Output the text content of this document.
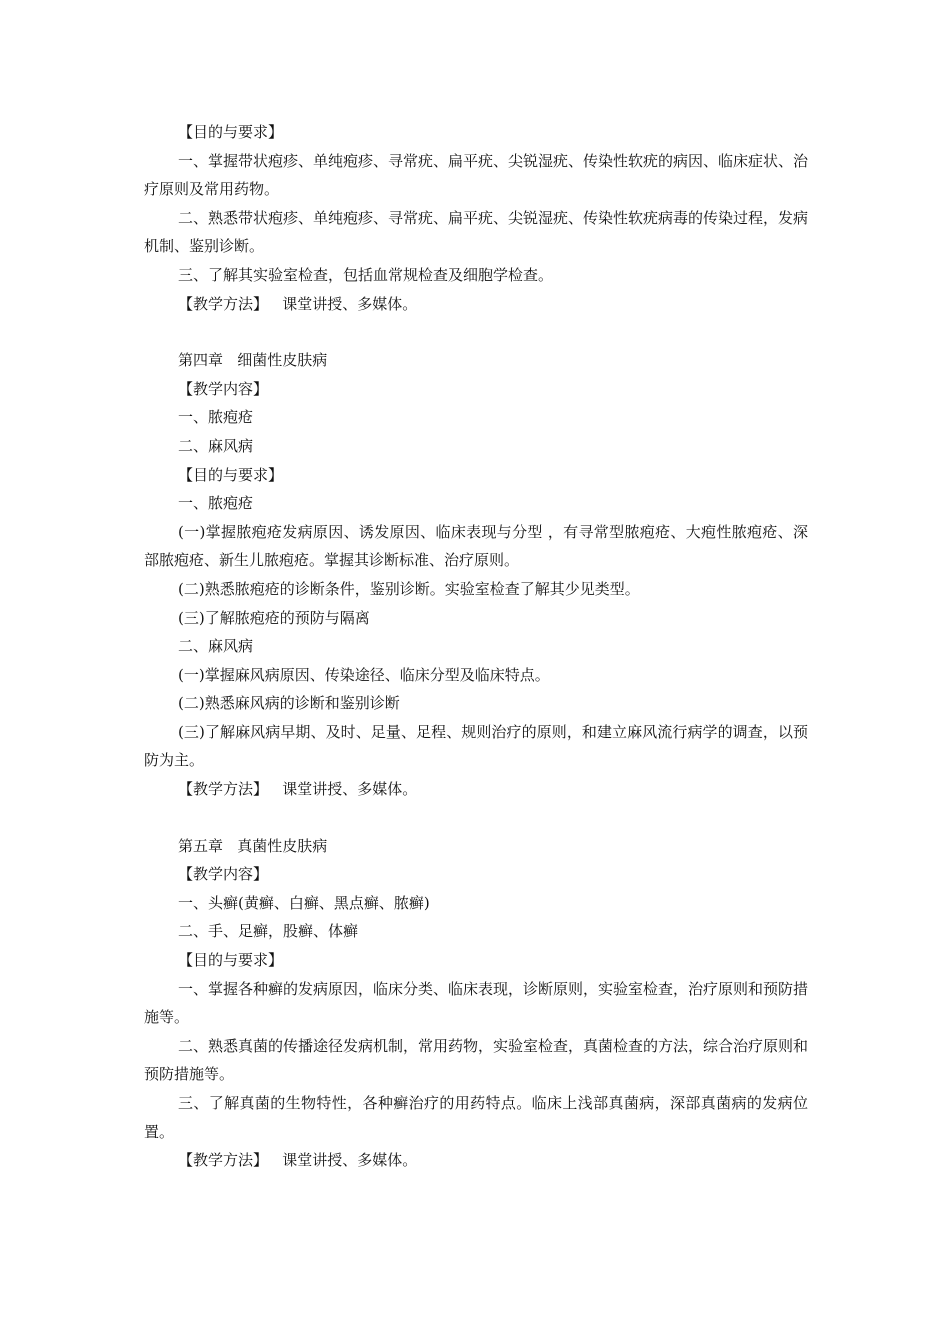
【目的与要求】

一、掌握带状疱疹、单纯疱疹、寻常疣、扁平疣、尖锐湿疣、传染性软疣的病因、临床症状、治疗原则及常用药物。

二、熟悉带状疱疹、单纯疱疹、寻常疣、扁平疣、尖锐湿疣、传染性软疣病毒的传染过程，发病机制、鉴别诊断。

三、了解其实验室检查，包括血常规检查及细胞学检查。

【教学方法】   课堂讲授、多媒体。

第四章   细菌性皮肤病

【教学内容】

一、脓疱疮

二、麻风病

【目的与要求】

一、脓疱疮

(一)掌握脓疱疮发病原因、诱发原因、临床表现与分型 ，有寻常型脓疱疮、大疱性脓疱疮、深部脓疱疮、新生儿脓疱疮。掌握其诊断标准、治疗原则。

(二)熟悉脓疱疮的诊断条件，鉴别诊断。实验室检查了解其少见类型。

(三)了解脓疱疮的预防与隔离

二、麻风病

(一)掌握麻风病原因、传染途径、临床分型及临床特点。

(二)熟悉麻风病的诊断和鉴别诊断

(三)了解麻风病早期、及时、足量、足程、规则治疗的原则，和建立麻风流行病学的调查，以预防为主。

【教学方法】   课堂讲授、多媒体。

第五章   真菌性皮肤病

【教学内容】

一、头癣(黄癣、白癣、黑点癣、脓癣)

二、手、足癣，股癣、体癣

【目的与要求】

一、掌握各种癣的发病原因，临床分类、临床表现，诊断原则，实验室检查，治疗原则和预防措施等。

二、熟悉真菌的传播途径发病机制，常用药物，实验室检查，真菌检查的方法，综合治疗原则和预防措施等。

三、了解真菌的生物特性，各种癣治疗的用药特点。临床上浅部真菌病，深部真菌病的发病位置。

【教学方法】   课堂讲授、多媒体。
